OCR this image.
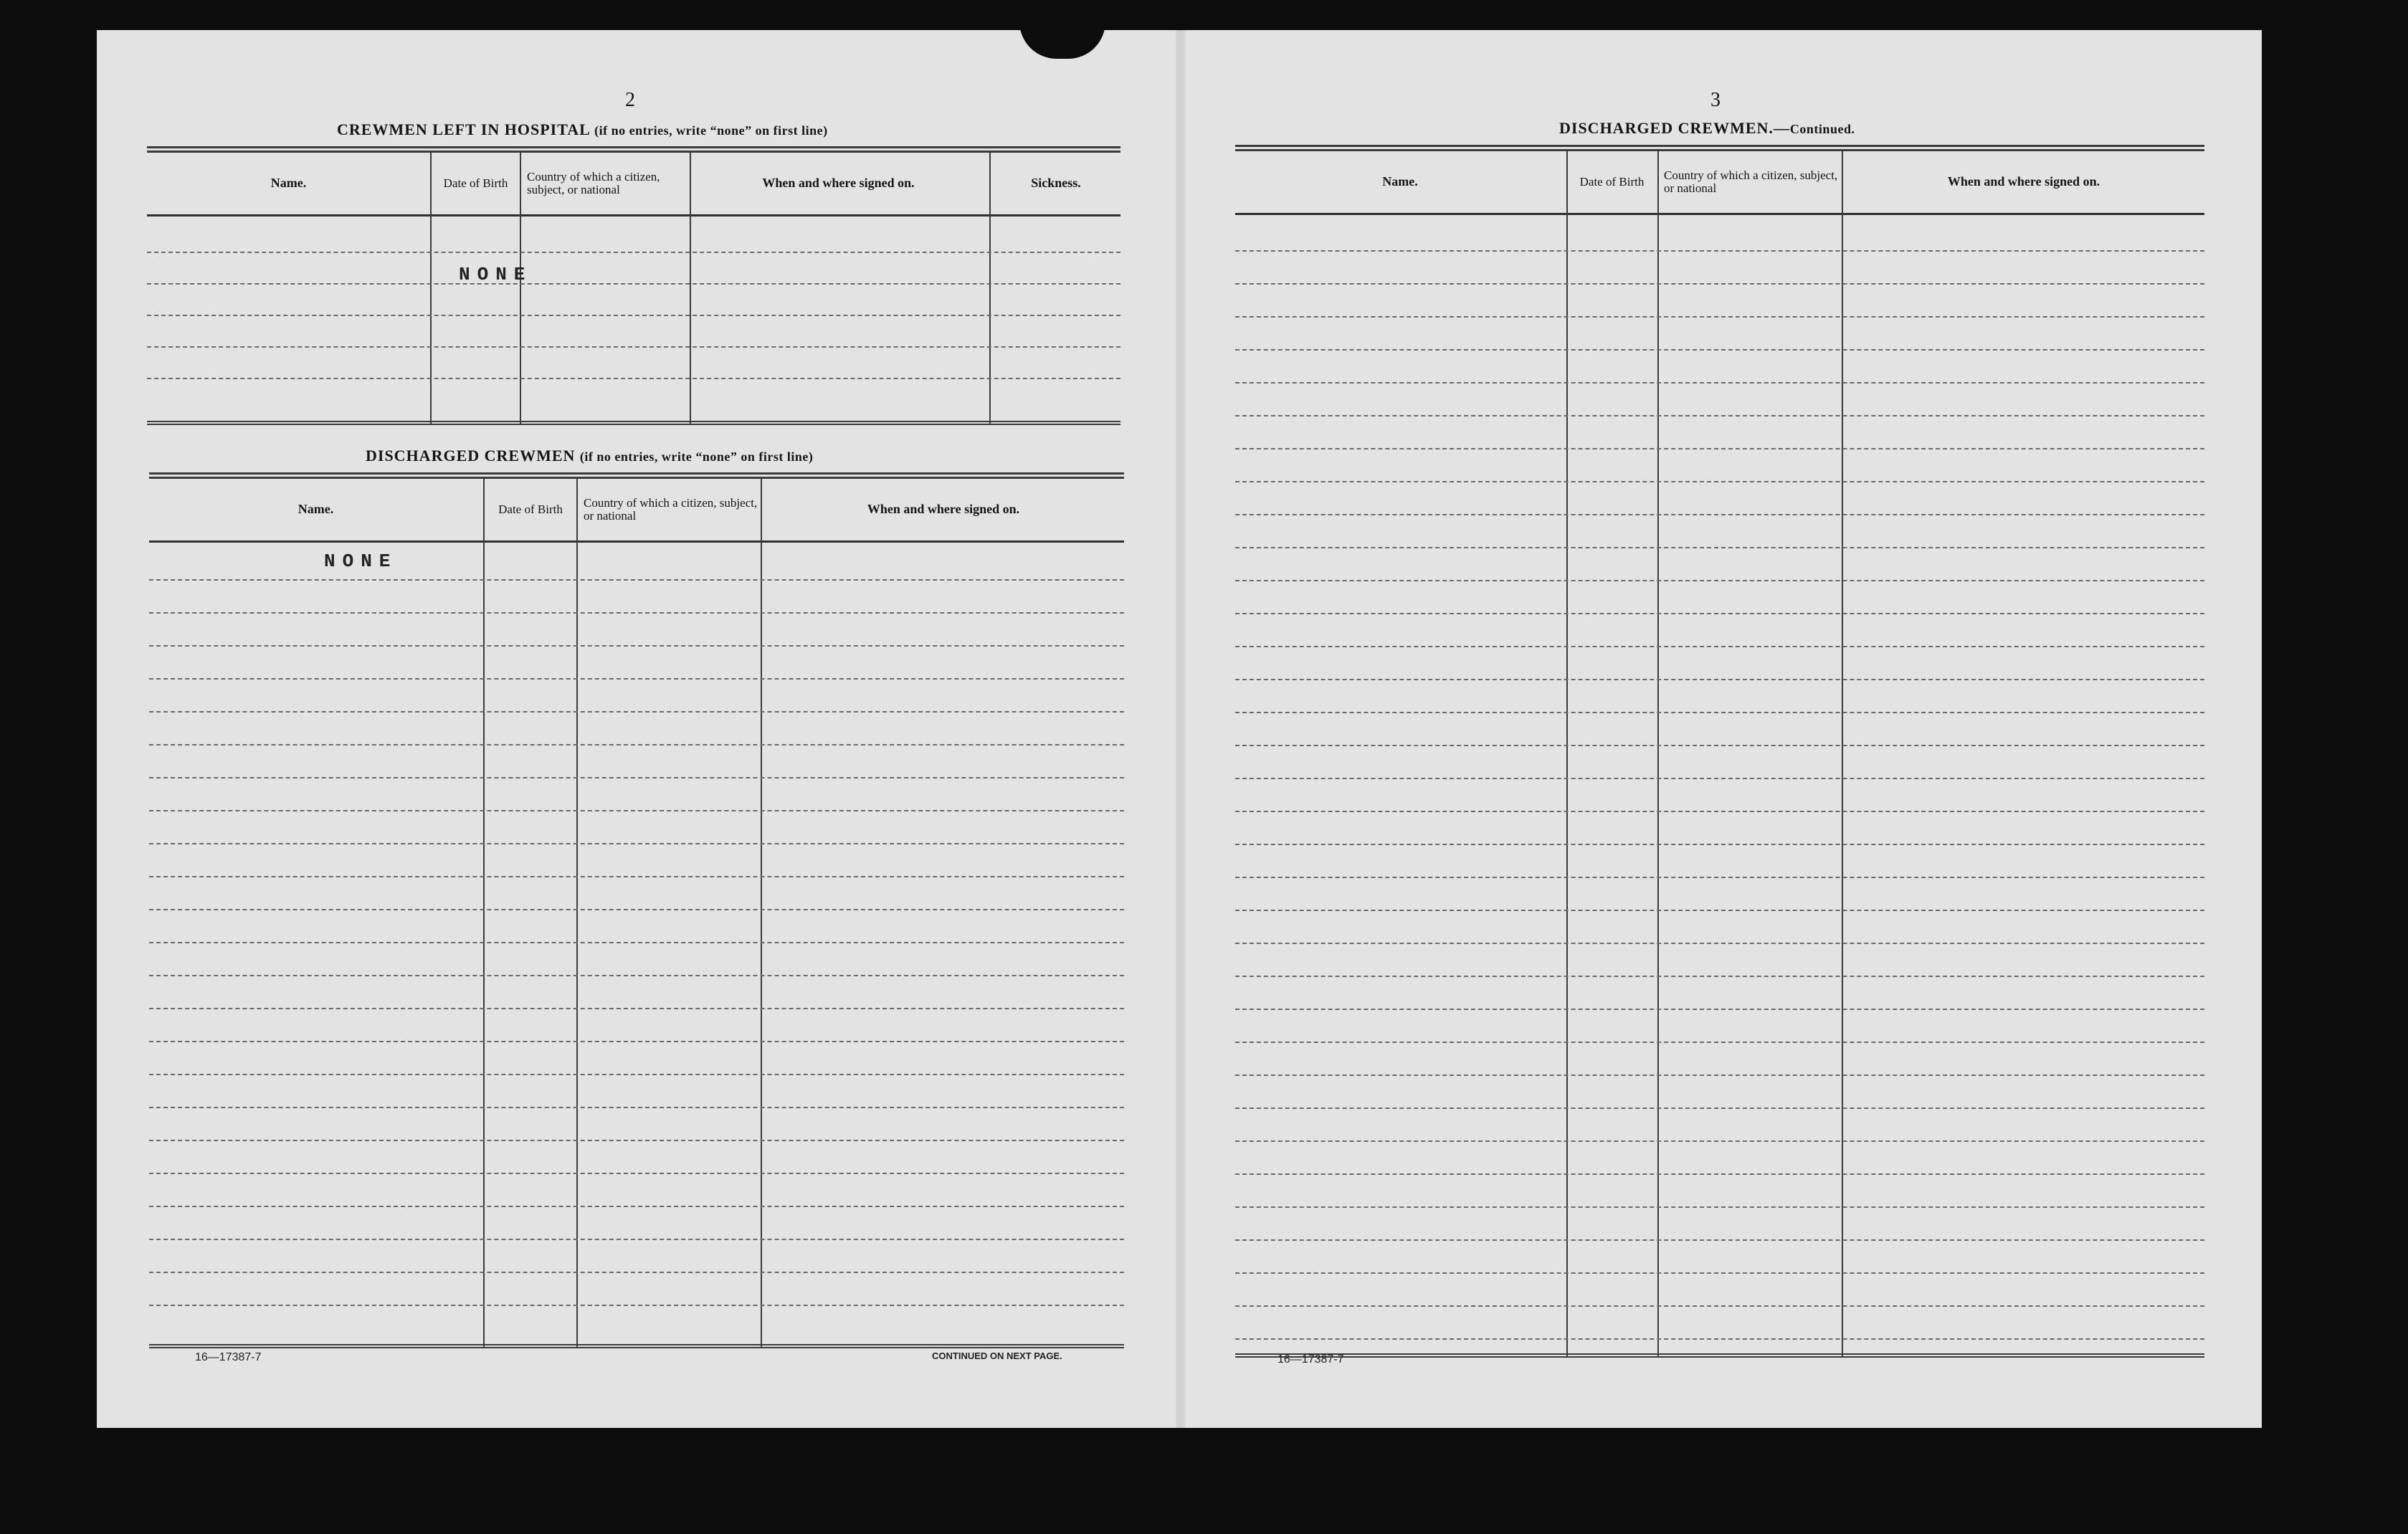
2
CREWMEN LEFT IN HOSPITAL (if no entries, write “none” on first line)
Name.	Date of Birth	Country of which a citizen, subject, or national	When and where signed on.	Sickness.
NONE
DISCHARGED CREWMEN (if no entries, write “none” on first line)
Name.	Date of Birth	Country of which a citizen, subject, or national	When and where signed on.
NONE
16—17387-7	CONTINUED ON NEXT PAGE.
3
DISCHARGED CREWMEN.—Continued.
Name.	Date of Birth	Country of which a citizen, subject, or national	When and where signed on.
16—17387-7
